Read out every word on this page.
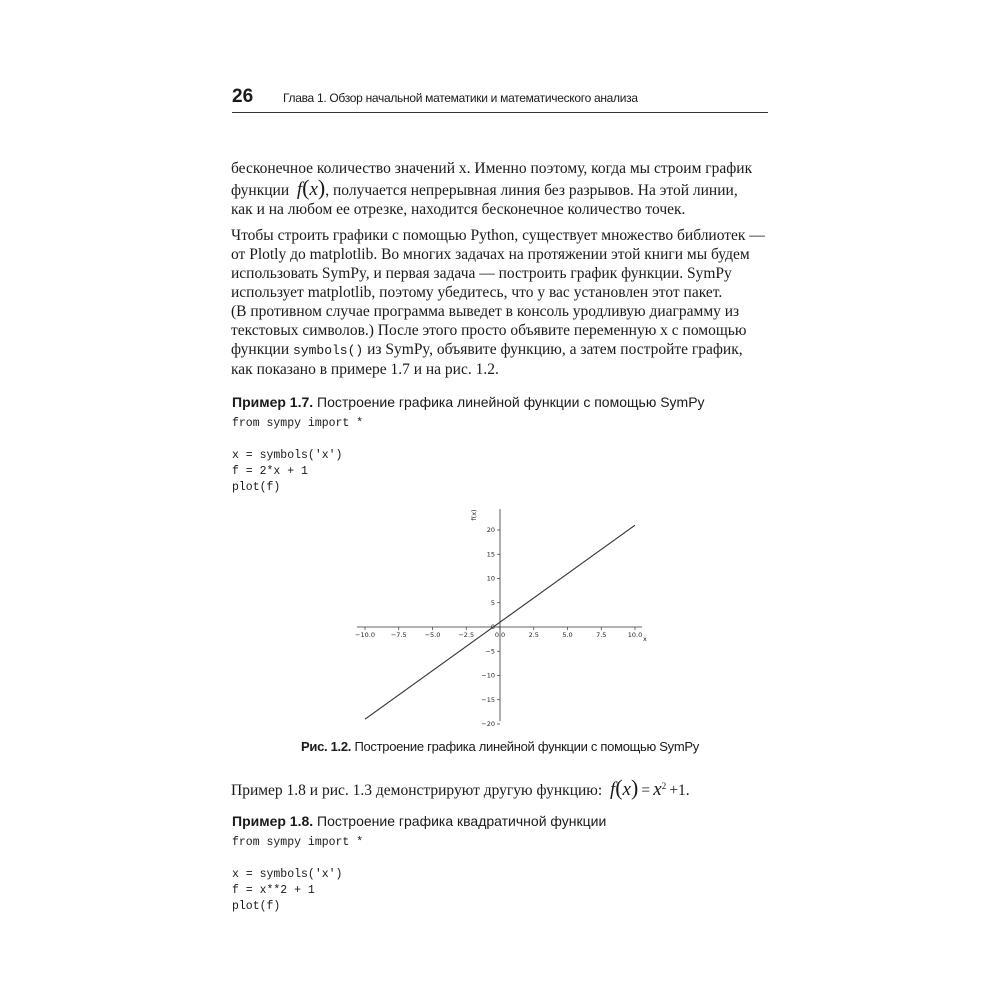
26 Глава 1. Обзор начальной математики и математического анализа

бесконечное количество значений x. Именно поэтому, когда мы строим график
функции f(x), получается непрерывная линия без разрывов. На этой линии,
как и на любом ее отрезке, находится бесконечное количество точек.

Чтобы строить графики с помощью Python, существует множество библиотек —
от Plotly до matplotlib. Во многих задачах на протяжении этой книги мы будем
использовать SymPy, и первая задача — построить график функции. SymPy
использует matplotlib, поэтому убедитесь, что у вас установлен этот пакет.
(В противном случае программа выведет в консоль уродливую диаграмму из
текстовых символов.) После этого просто объявите переменную x с помощью
функции symbols() из SymPy, объявите функцию, а затем постройте график,
как показано в примере 1.7 и на рис. 1.2.

Пример 1.7. Построение графика линейной функции с помощью SymPy
from sympy import *

x = symbols('x')
f = 2*x + 1
plot(f)
−10.0 −7.5	−5.0	−2.5	0.0	2.5	5.0	7.5	10.0
20
15
10
5
0
−5
−10
−15
−20
x
f(x)
Рис. 1.2. Построение графика линейной функции с помощью SymPy
Пример 1.8 и рис. 1.3 демонстрируют другую функцию: $f(x) = x^2 +1$.
Пример 1.8. Построение графика квадратичной функции
from sympy import *

x = symbols('x')
f = x**2 + 1
plot(f)
